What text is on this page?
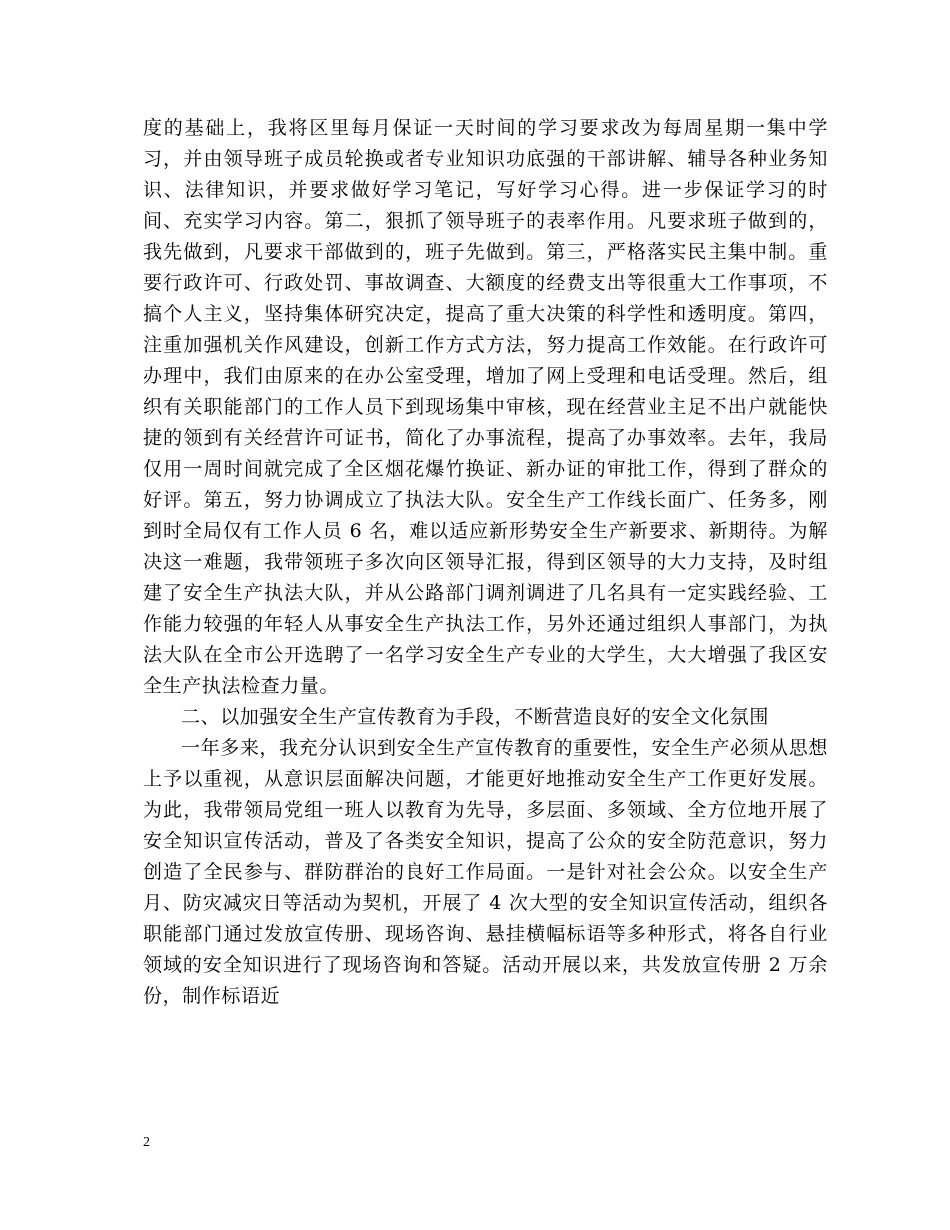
度的基础上，我将区里每月保证一天时间的学习要求改为每周星期一集中学习，并由领导班子成员轮换或者专业知识功底强的干部讲解、辅导各种业务知识、法律知识，并要求做好学习笔记，写好学习心得。进一步保证学习的时间、充实学习内容。第二，狠抓了领导班子的表率作用。凡要求班子做到的，我先做到，凡要求干部做到的，班子先做到。第三，严格落实民主集中制。重要行政许可、行政处罚、事故调查、大额度的经费支出等很重大工作事项，不搞个人主义，坚持集体研究决定，提高了重大决策的科学性和透明度。第四，注重加强机关作风建设，创新工作方式方法，努力提高工作效能。在行政许可办理中，我们由原来的在办公室受理，增加了网上受理和电话受理。然后，组织有关职能部门的工作人员下到现场集中审核，现在经营业主足不出户就能快捷的领到有关经营许可证书，简化了办事流程，提高了办事效率。去年，我局仅用一周时间就完成了全区烟花爆竹换证、新办证的审批工作，得到了群众的好评。第五，努力协调成立了执法大队。安全生产工作线长面广、任务多，刚到时全局仅有工作人员 6 名，难以适应新形势安全生产新要求、新期待。为解决这一难题，我带领班子多次向区领导汇报，得到区领导的大力支持，及时组建了安全生产执法大队，并从公路部门调剂调进了几名具有一定实践经验、工作能力较强的年轻人从事安全生产执法工作，另外还通过组织人事部门，为执法大队在全市公开选聘了一名学习安全生产专业的大学生，大大增强了我区安全生产执法检查力量。

二、以加强安全生产宣传教育为手段，不断营造良好的安全文化氛围

一年多来，我充分认识到安全生产宣传教育的重要性，安全生产必须从思想上予以重视，从意识层面解决问题，才能更好地推动安全生产工作更好发展。为此，我带领局党组一班人以教育为先导，多层面、多领域、全方位地开展了安全知识宣传活动，普及了各类安全知识，提高了公众的安全防范意识，努力创造了全民参与、群防群治的良好工作局面。一是针对社会公众。以安全生产月、防灾减灾日等活动为契机，开展了 4 次大型的安全知识宣传活动，组织各职能部门通过发放宣传册、现场咨询、悬挂横幅标语等多种形式，将各自行业领域的安全知识进行了现场咨询和答疑。活动开展以来，共发放宣传册 2 万余份，制作标语近

2
